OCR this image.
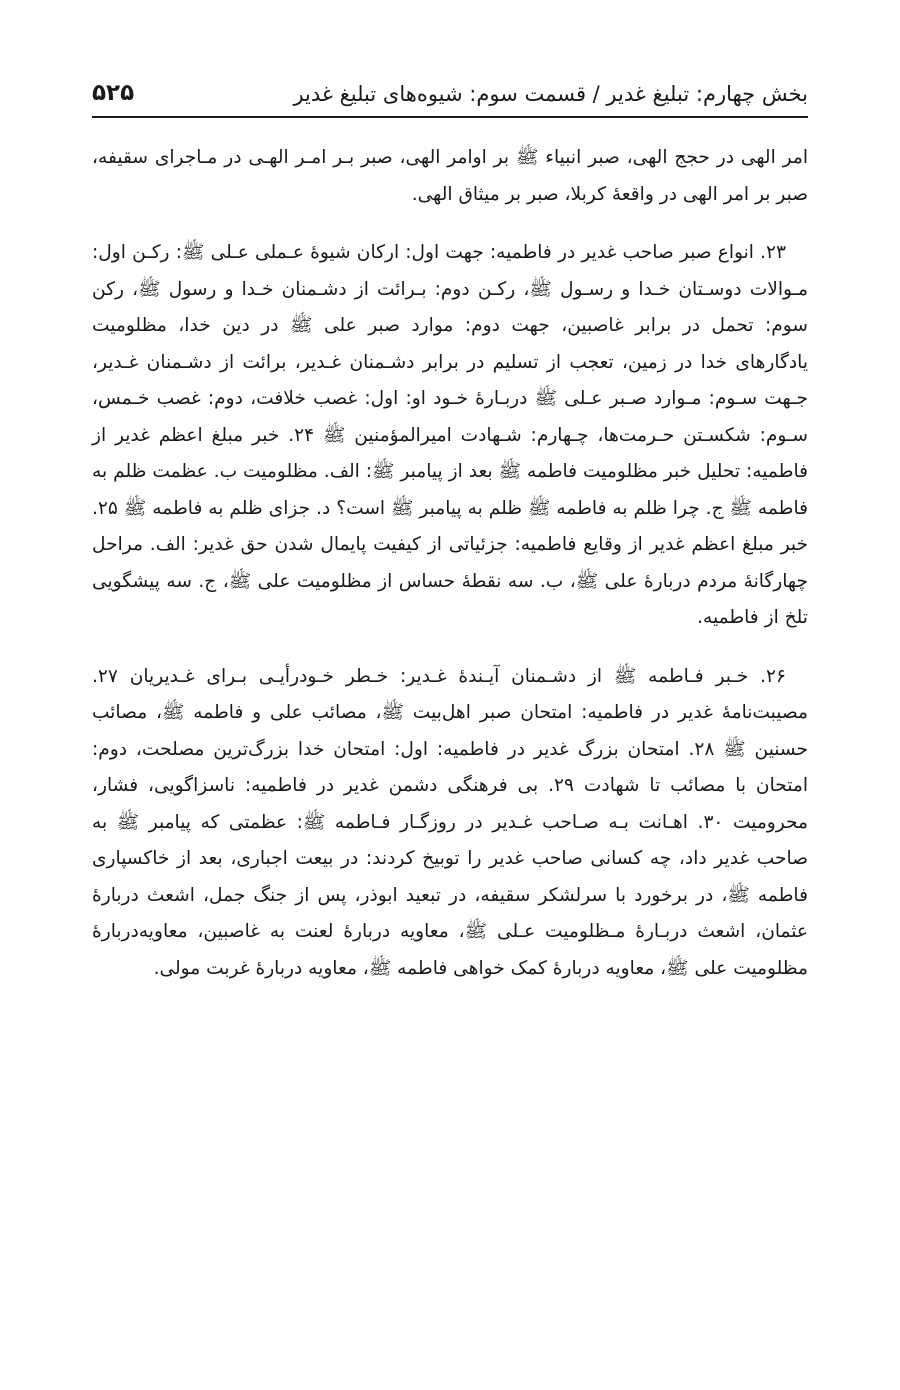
۵۲۵	بخش چهارم: تبلیغ غدیر / قسمت سوم: شیوه‌های تبلیغ غدیر

امر الهی در حجج الهی، صبر انبیاء ﷺ بر اوامر الهی، صبر بـر امـر الهـی در مـاجرای سقیفه، صبر بر امر الهی در واقعهٔ کربلا، صبر بر میثاق الهی.

۲۳. انواع صبر صاحب غدیر در فاطمیه: جهت اول: ارکان شیوهٔ عـملی عـلی ﷺ: رکـن اول: مـوالات دوسـتان خـدا و رسـول ﷺ، رکـن دوم: بـرائت از دشـمنان خـدا و رسول ﷺ، رکن سوم: تحمل در برابر غاصبین، جهت دوم: موارد صبر علی ﷺ در دین خدا، مظلومیت یادگارهای خدا در زمین، تعجب از تسلیم در برابر دشـمنان غـدیر، برائت از دشـمنان غـدیر، جـهت سـوم: مـوارد صـبر عـلی ﷺ دربـارهٔ خـود او: اول: غصب خلافت، دوم: غصب خـمس، سـوم: شکسـتن حـرمت‌ها، چـهارم: شـهادت امیرالمؤمنین ﷺ ۲۴. خبر مبلغ اعظم غدیر از فاطمیه: تحلیل خبر مظلومیت فاطمه ﷺ بعد از پیامبر ﷺ: الف. مظلومیت ب. عظمت ظلم به فاطمه ﷺ ج. چرا ظلم به فاطمه ﷺ ظلم به پیامبر ﷺ است؟ د. جزای ظلم به فاطمه ﷺ ۲۵. خبر مبلغ اعظم غدیر از وقایع فاطمیه: جزئیاتی از کیفیت پایمال شدن حق غدیر: الف. مراحل چهارگانهٔ مردم دربارهٔ علی ﷺ، ب. سه نقطهٔ حساس از مظلومیت علی ﷺ، ج. سه پیشگویی تلخ از فاطمیه.

۲۶. خـبر فـاطمه ﷺ از دشـمنان آیـندهٔ غـدیر: خـطر خـودرأیـی بـرای غـدیریان ۲۷. مصیبت‌نامهٔ غدیر در فاطمیه: امتحان صبر اهل‌بیت ﷺ، مصائب علی و فاطمه ﷺ، مصائب حسنین ﷺ ۲۸. امتحان بزرگ غدیر در فاطمیه: اول: امتحان خدا بزرگ‌ترین مصلحت، دوم: امتحان با مصائب تا شهادت ۲۹. بی فرهنگی دشمن غدیر در فاطمیه: ناسزاگویی، فشار، محرومیت ۳۰. اهـانت بـه صـاحب غـدیر در روزگـار فـاطمه ﷺ: عظمتی که پیامبر ﷺ به صاحب غدیر داد، چه کسانی صاحب غدیر را توبیخ کردند: در بیعت اجباری، بعد از خاکسپاری فاطمه ﷺ، در برخورد با سرلشکر سقیفه، در تبعید ابوذر، پس از جنگ جمل، اشعث دربارهٔ عثمان، اشعث دربـارهٔ مـظلومیت عـلی ﷺ، معاویه دربارهٔ لعنت به غاصبین، معاویه‌دربارهٔ مظلومیت علی ﷺ، معاویه دربارهٔ کمک خواهی فاطمه ﷺ، معاویه دربارهٔ غربت مولی.
